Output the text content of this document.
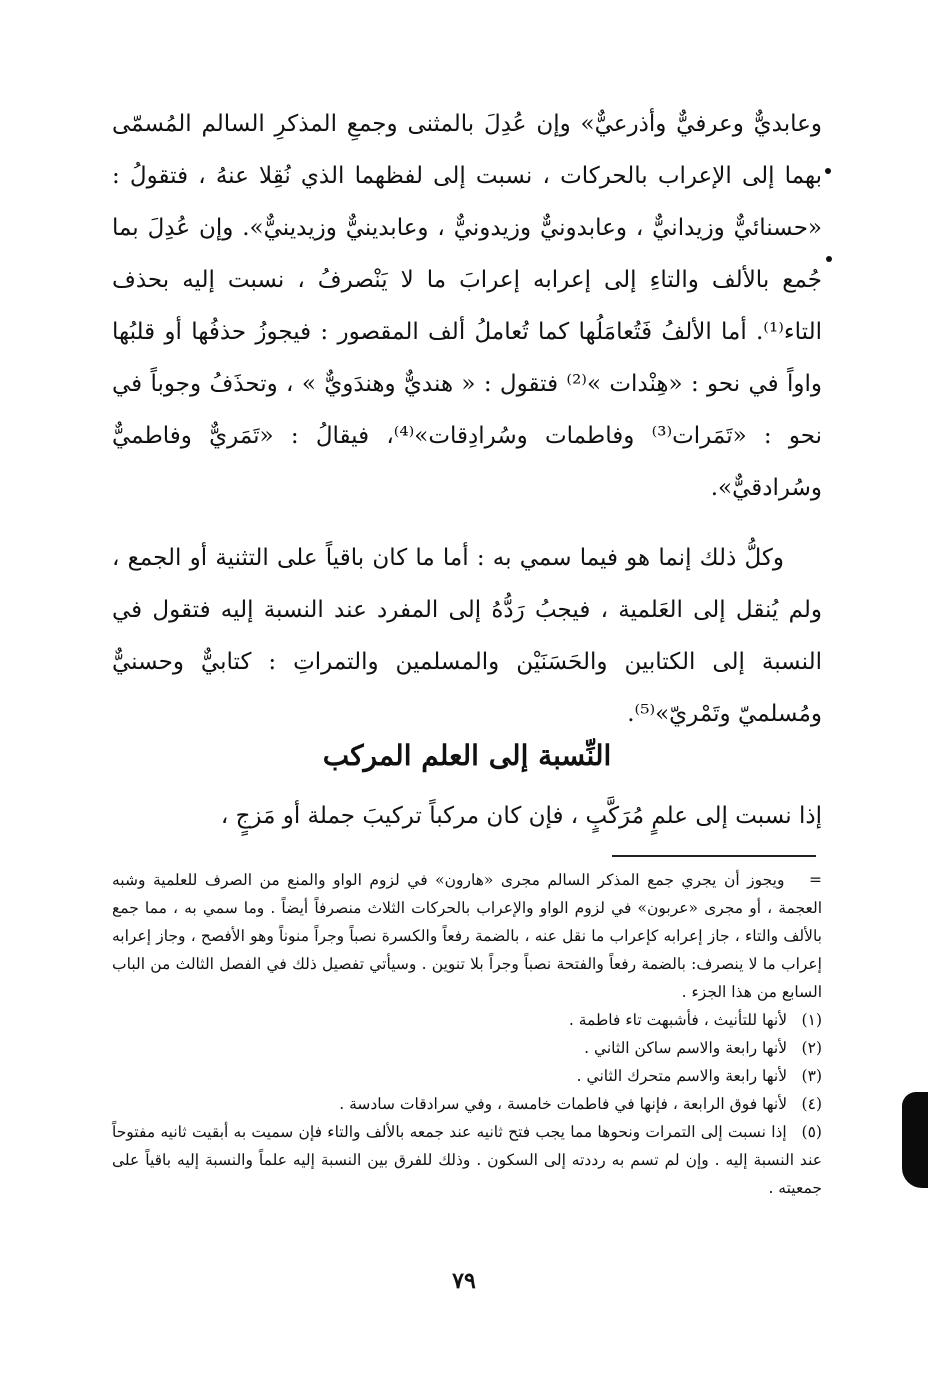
وعابديٌّ وعرفيٌّ وأذرعيٌّ» وإن عُدِلَ بالمثنى وجمعِ المذكرِ السالم المُسمّى بهما إلى الإعراب بالحركات ، نسبت إلى لفظهما الذي نُقِلا عنهُ ، فتقولُ : «حسنائيٌّ وزيدانيٌّ ، وعابدونيٌّ وزيدونيٌّ ، وعابدينيٌّ وزيدينيٌّ». وإن عُدِلَ بما جُمع بالألف والتاءِ إلى إعرابه إعرابَ ما لا يَنْصرفُ ، نسبت إليه بحذف التاء⁽¹⁾. أما الألفُ فَتُعامَلُها كما تُعاملُ ألف المقصور : فيجوزُ حذفُها أو قلبُها واواً في نحو : «هِنْدات »⁽²⁾ فتقول : « هنديٌّ وهندَويٌّ » ، وتحذَفُ وجوباً في نحو : «تَمَرات⁽³⁾ وفاطمات وسُرادِقات»⁽⁴⁾، فيقالُ : «تَمَريٌّ وفاطميٌّ وسُرادقيٌّ».

وكلُّ ذلك إنما هو فيما سمي به : أما ما كان باقياً على التثنية أو الجمع ، ولم يُنقل إلى العَلمية ، فيجبُ رَدُّهُ إلى المفرد عند النسبة إليه فتقول في النسبة إلى الكتابين والحَسَنَيْن والمسلمين والتمراتِ : كتابيٌّ وحسنيٌّ ومُسلميّ وتَمْريّ»⁽⁵⁾.

النِّسبة إلى العلم المركب

إذا نسبت إلى علمٍ مُرَكَّبٍ ، فإن كان مركباً تركيبَ جملة أو مَزجٍ ،

= ويجوز أن يجري جمع المذكر السالم مجرى «هارون» في لزوم الواو والمنع من الصرف للعلمية وشبه العجمة ، أو مجرى «عربون» في لزوم الواو والإعراب بالحركات الثلاث منصرفاً أيضاً . وما سمي به ، مما جمع بالألف والتاء ، جاز إعرابه كإعراب ما نقل عنه ، بالضمة رفعاً والكسرة نصباً وجراً منوناً وهو الأفصح ، وجاز إعرابه إعراب ما لا ينصرف: بالضمة رفعاً والفتحة نصباً وجراً بلا تنوين . وسيأتي تفصيل ذلك في الفصل الثالث من الباب السابع من هذا الجزء .

(١) لأنها للتأنيث ، فأشبهت تاء فاطمة .

(٢) لأنها رابعة والاسم ساكن الثاني .

(٣) لأنها رابعة والاسم متحرك الثاني .

(٤) لأنها فوق الرابعة ، فإنها في فاطمات خامسة ، وفي سرادقات سادسة .

(٥) إذا نسبت إلى التمرات ونحوها مما يجب فتح ثانيه عند جمعه بالألف والتاء فإن سميت به أبقيت ثانيه مفتوحاً عند النسبة إليه . وإن لم تسم به رددته إلى السكون . وذلك للفرق بين النسبة إليه علماً والنسبة إليه باقياً على جمعيته .

٧٩
